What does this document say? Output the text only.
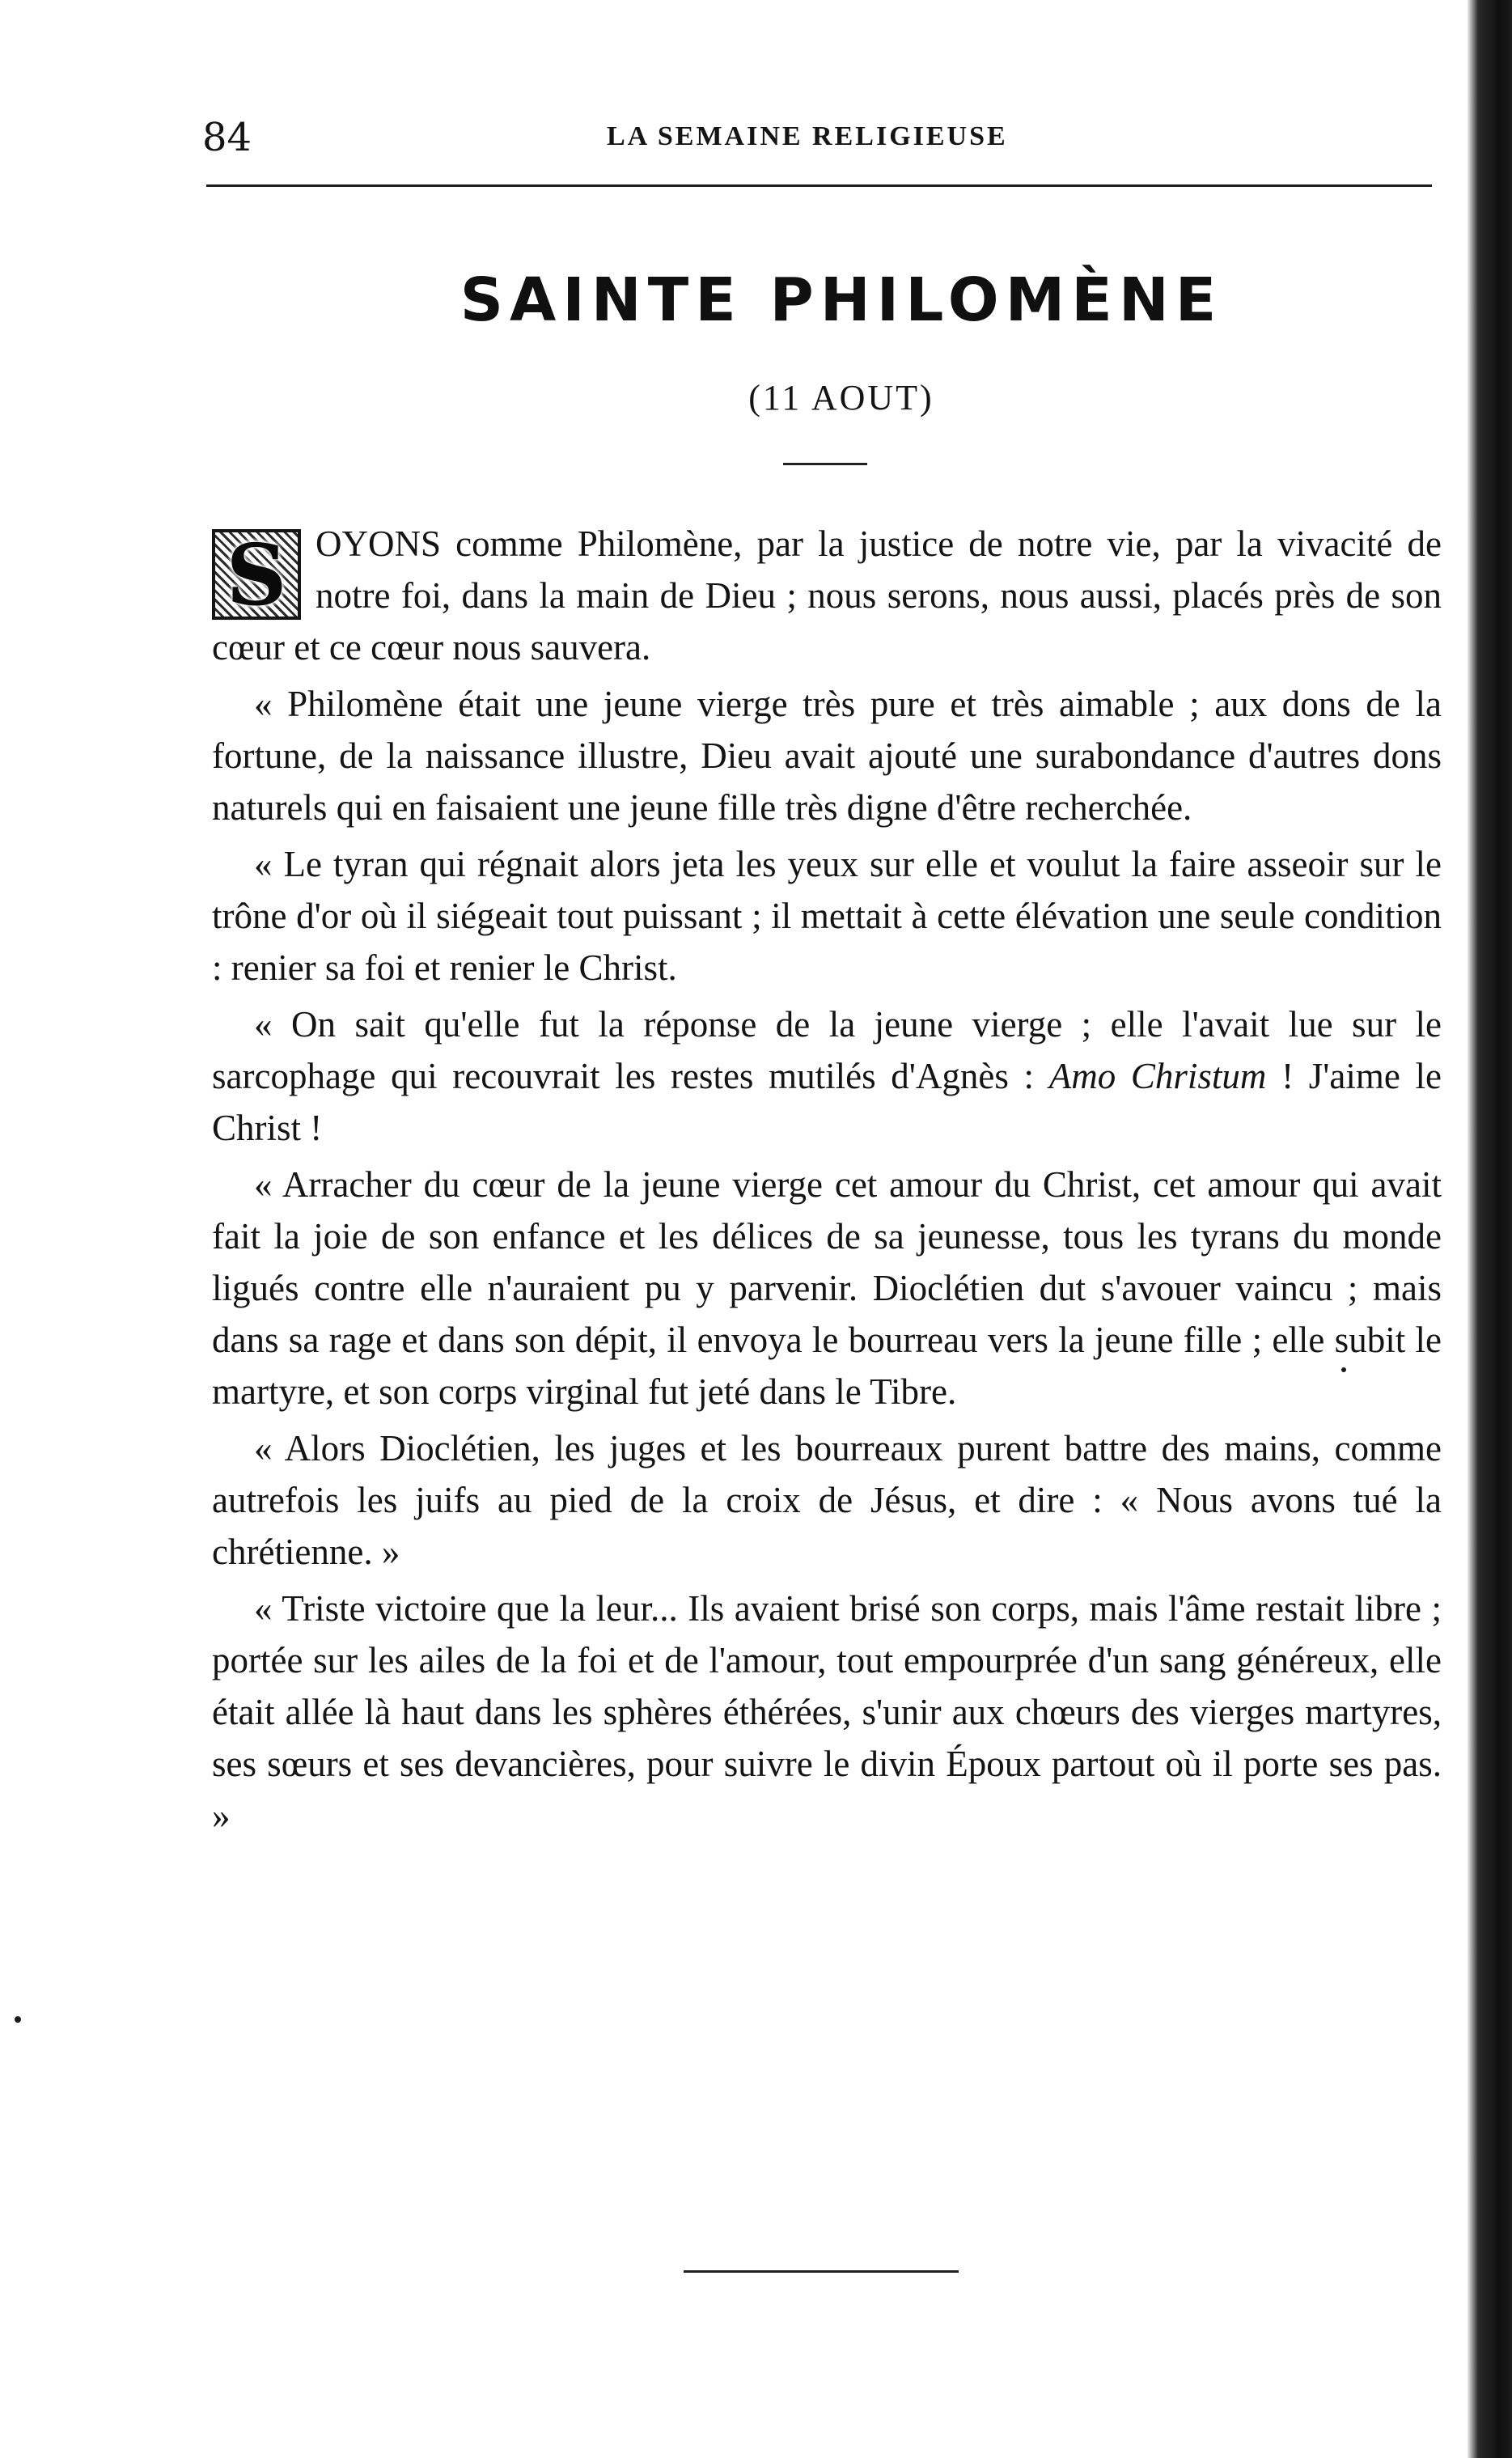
84	LA SEMAINE RELIGIEUSE
SAINTE PHILOMÈNE
(11 AOUT)

S OYONS comme Philomène, par la justice de notre vie, par la vivacité de notre foi, dans la main de Dieu ; nous serons, nous aussi, placés près de son cœur et ce cœur nous sauvera.

« Philomène était une jeune vierge très pure et très aimable ; aux dons de la fortune, de la naissance illustre, Dieu avait ajouté une surabondance d'autres dons naturels qui en faisaient une jeune fille très digne d'être recherchée.

« Le tyran qui régnait alors jeta les yeux sur elle et voulut la faire asseoir sur le trône d'or où il siégeait tout puissant ; il mettait à cette élévation une seule condition : renier sa foi et renier le Christ.

« On sait qu'elle fut la réponse de la jeune vierge ; elle l'avait lue sur le sarcophage qui recouvrait les restes mutilés d'Agnès : Amo Christum ! J'aime le Christ !

« Arracher du cœur de la jeune vierge cet amour du Christ, cet amour qui avait fait la joie de son enfance et les délices de sa jeunesse, tous les tyrans du monde ligués contre elle n'auraient pu y parvenir. Dioclétien dut s'avouer vaincu ; mais dans sa rage et dans son dépit, il envoya le bourreau vers la jeune fille ; elle subit le martyre, et son corps virginal fut jeté dans le Tibre.

« Alors Dioclétien, les juges et les bourreaux purent battre des mains, comme autrefois les juifs au pied de la croix de Jésus, et dire : « Nous avons tué la chrétienne. »

« Triste victoire que la leur... Ils avaient brisé son corps, mais l'âme restait libre ; portée sur les ailes de la foi et de l'amour, tout empourprée d'un sang généreux, elle était allée là haut dans les sphères éthérées, s'unir aux chœurs des vierges martyres, ses sœurs et ses devancières, pour suivre le divin Époux partout où il porte ses pas. »
